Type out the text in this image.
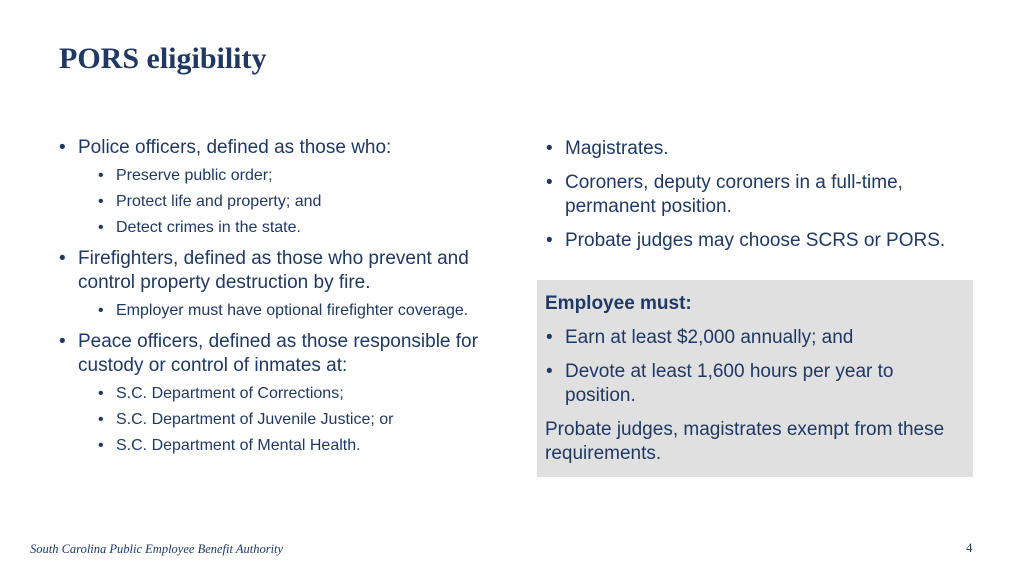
PORS eligibility
• Police officers, defined as those who:
• Preserve public order;
• Protect life and property; and
• Detect crimes in the state.
• Firefighters, defined as those who prevent and control property destruction by fire.
• Employer must have optional firefighter coverage.
• Peace officers, defined as those responsible for custody or control of inmates at:
• S.C. Department of Corrections;
• S.C. Department of Juvenile Justice; or
• S.C. Department of Mental Health.
• Magistrates.
• Coroners, deputy coroners in a full-time, permanent position.
• Probate judges may choose SCRS or PORS.
Employee must:
• Earn at least $2,000 annually; and
• Devote at least 1,600 hours per year to position.
Probate judges, magistrates exempt from these requirements.
South Carolina Public Employee Benefit Authority	4
